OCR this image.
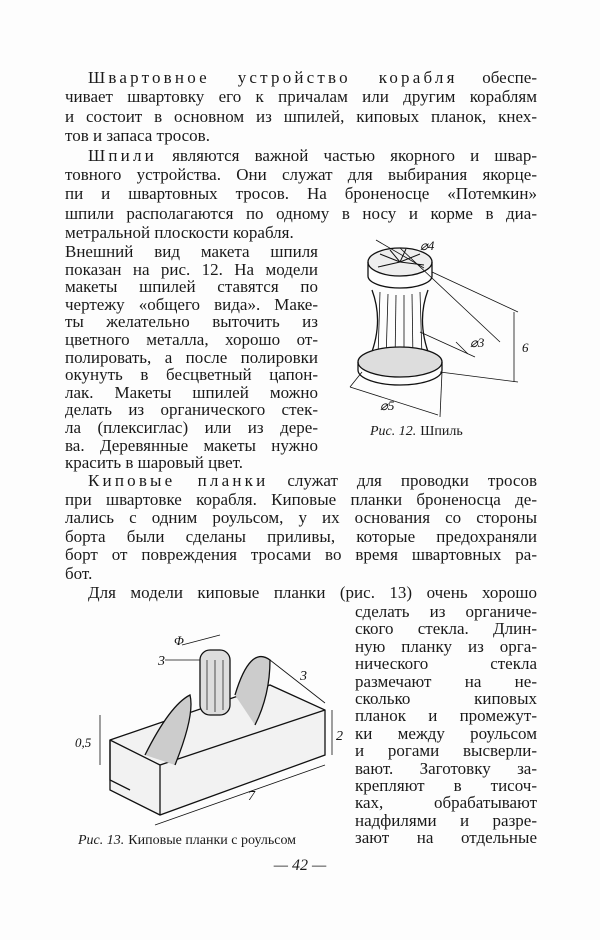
Швартовное устройство корабля обеспе-
чивает швартовку его к причалам или другим кораблям
и состоит в основном из шпилей, киповых планок, кнех-
тов и запаса тросов.
Шпили являются важной частью якорного и швар-
товного устройства. Они служат для выбирания якорце-
пи и швартовных тросов. На броненосце «Потемкин»
шпили располагаются по одному в носу и корме в диа-
метральной плоскости корабля.
Внешний вид макета шпиля
показан на рис. 12. На модели
макеты шпилей ставятся по
чертежу «общего вида». Маке-
ты желательно выточить из
цветного металла, хорошо от-
полировать, а после полировки
окунуть в бесцветный цапон-
лак. Макеты шпилей можно
делать из органического стек-
ла (плексиглас) или из дере-
ва. Деревянные макеты нужно
красить в шаровый цвет.
Киповые планки служат для проводки тросов
при швартовке корабля. Киповые планки броненосца де-
лались с одним роульсом, у их основания со стороны
борта были сделаны приливы, которые предохраняли
борт от повреждения тросами во время швартовных ра-
бот.
Для модели киповые планки (рис. 13) очень хорошо
сделать из органиче-
ского стекла. Длин-
ную планку из орга-
нического стекла
размечают на не-
сколько киповых
планок и промежут-
ки между роульсом
и рогами высверли-
вают. Заготовку за-
крепляют в тисоч-
ках, обрабатывают
надфилями и разре-
зают на отдельные
⌀4
⌀3	6
⌀5
Рис. 12. Шпиль
Φ
3
3
2
0,5
7
Рис. 13. Киповые планки с роульсом
— 42 —
